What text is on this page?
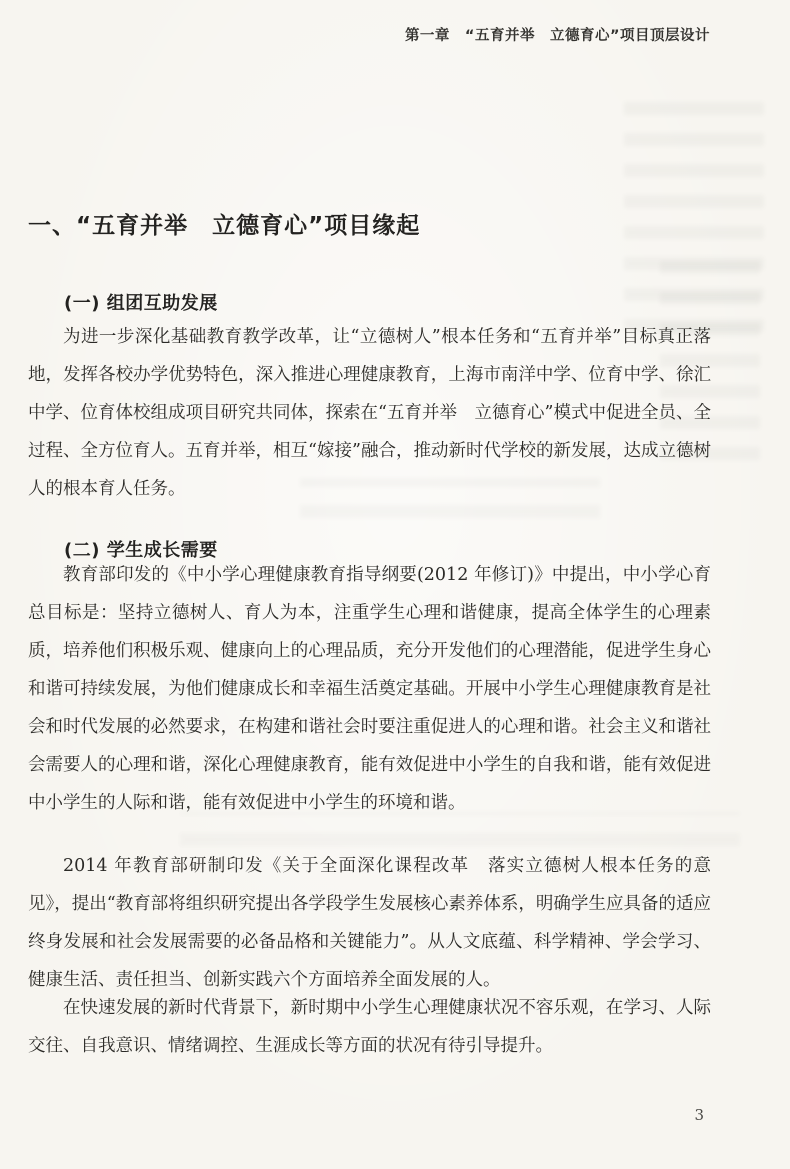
第一章　“五育并举　立德育心”项目顶层设计
一、“五育并举　立德育心”项目缘起
(一) 组团互助发展

为进一步深化基础教育教学改革，让“立德树人”根本任务和“五育并举”目标真正落地，发挥各校办学优势特色，深入推进心理健康教育，上海市南洋中学、位育中学、徐汇中学、位育体校组成项目研究共同体，探索在“五育并举　立德育心”模式中促进全员、全过程、全方位育人。五育并举，相互“嫁接”融合，推动新时代学校的新发展，达成立德树人的根本育人任务。

(二) 学生成长需要

教育部印发的《中小学心理健康教育指导纲要(2012 年修订)》中提出，中小学心育总目标是：坚持立德树人、育人为本，注重学生心理和谐健康，提高全体学生的心理素质，培养他们积极乐观、健康向上的心理品质，充分开发他们的心理潜能，促进学生身心和谐可持续发展，为他们健康成长和幸福生活奠定基础。开展中小学生心理健康教育是社会和时代发展的必然要求，在构建和谐社会时要注重促进人的心理和谐。社会主义和谐社会需要人的心理和谐，深化心理健康教育，能有效促进中小学生的自我和谐，能有效促进中小学生的人际和谐，能有效促进中小学生的环境和谐。

2014 年教育部研制印发《关于全面深化课程改革　落实立德树人根本任务的意见》，提出“教育部将组织研究提出各学段学生发展核心素养体系，明确学生应具备的适应终身发展和社会发展需要的必备品格和关键能力”。从人文底蕴、科学精神、学会学习、健康生活、责任担当、创新实践六个方面培养全面发展的人。

在快速发展的新时代背景下，新时期中小学生心理健康状况不容乐观，在学习、人际交往、自我意识、情绪调控、生涯成长等方面的状况有待引导提升。

3
